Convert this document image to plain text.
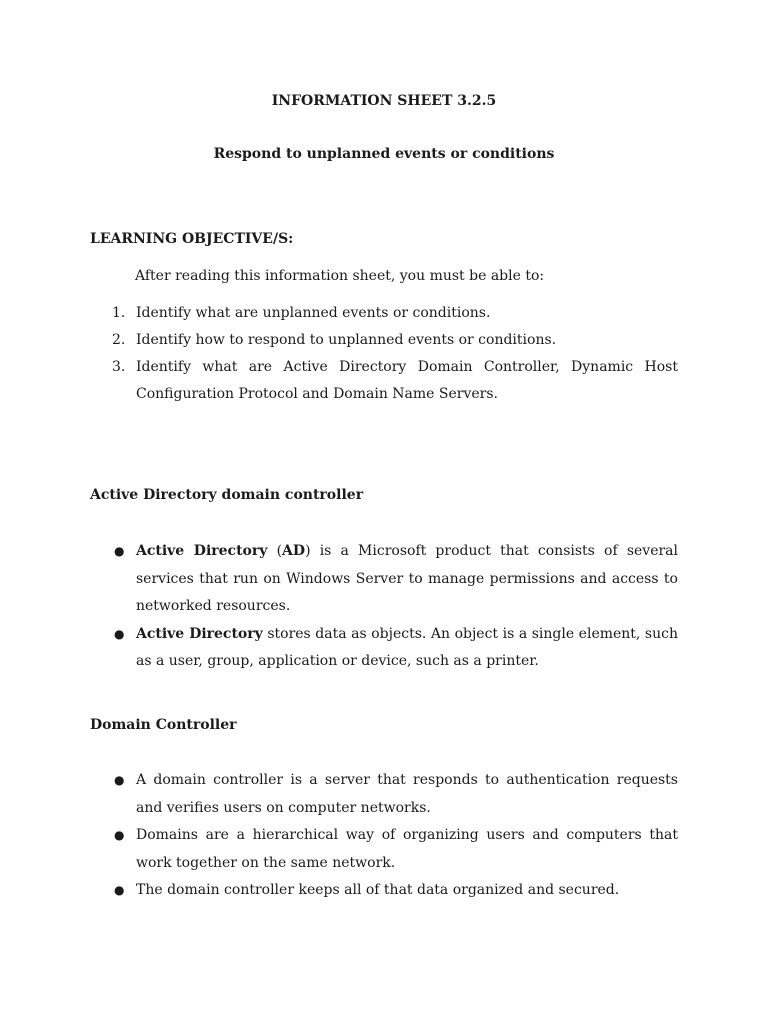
INFORMATION SHEET 3.2.5

Respond to unplanned events or conditions

LEARNING OBJECTIVE/S:

After reading this information sheet, you must be able to:

1. Identify what are unplanned events or conditions.
2. Identify how to respond to unplanned events or conditions.
3. Identify what are Active Directory Domain Controller, Dynamic Host Configuration Protocol and Domain Name Servers.

Active Directory domain controller

● Active Directory (AD) is a Microsoft product that consists of several services that run on Windows Server to manage permissions and access to networked resources.
● Active Directory stores data as objects. An object is a single element, such as a user, group, application or device, such as a printer.

Domain Controller

● A domain controller is a server that responds to authentication requests and verifies users on computer networks.
● Domains are a hierarchical way of organizing users and computers that work together on the same network.
● The domain controller keeps all of that data organized and secured.
